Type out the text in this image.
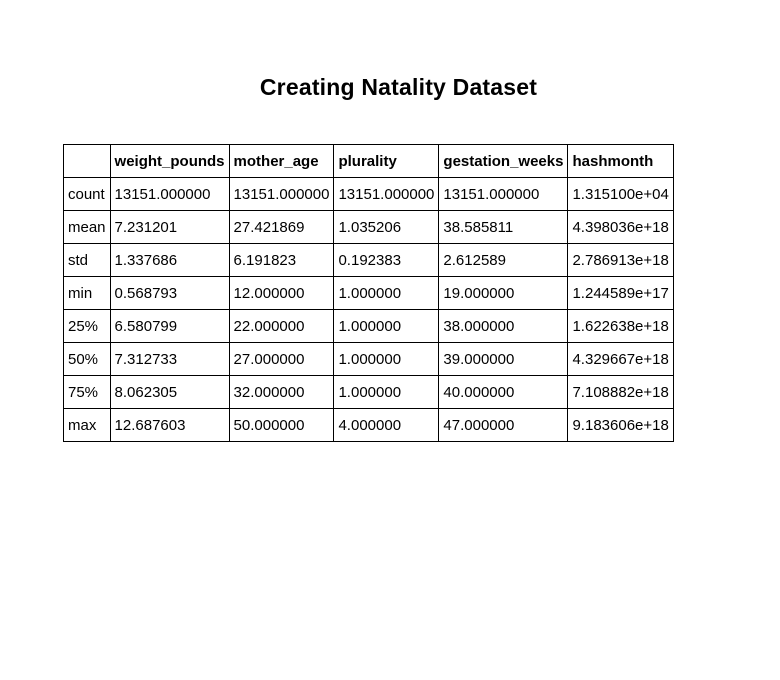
Creating Natality Dataset
	weight_pounds	mother_age	plurality	gestation_weeks	hashmonth
count	13151.000000	13151.000000	13151.000000	13151.000000	1.315100e+04
mean	7.231201	27.421869	1.035206	38.585811	4.398036e+18
std	1.337686	6.191823	0.192383	2.612589	2.786913e+18
min	0.568793	12.000000	1.000000	19.000000	1.244589e+17
25%	6.580799	22.000000	1.000000	38.000000	1.622638e+18
50%	7.312733	27.000000	1.000000	39.000000	4.329667e+18
75%	8.062305	32.000000	1.000000	40.000000	7.108882e+18
max	12.687603	50.000000	4.000000	47.000000	9.183606e+18
